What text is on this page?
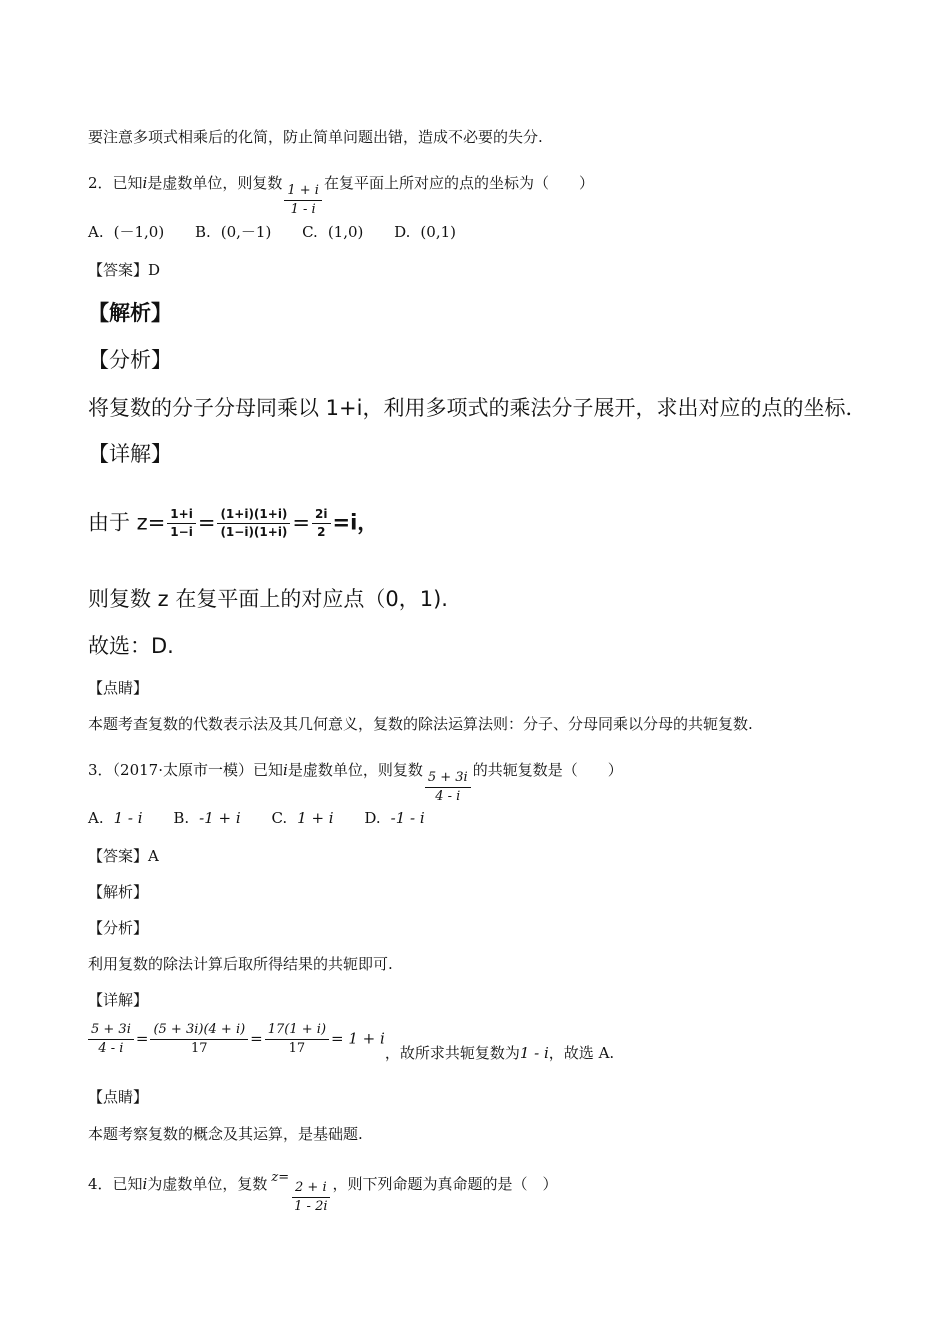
要注意多项式相乘后的化简，防止简单问题出错，造成不必要的失分.
2．已知i是虚数单位，则复数 $\frac{1 + i}{1 - i}$ 在复平面上所对应的点的坐标为（　　）
A. (－1,0) B. (0,－1) C. (1,0) D. (0,1)
【答案】D
【解析】
【分析】
将复数的分子分母同乘以 1+i，利用多项式的乘法分子展开，求出对应的点的坐标．
【详解】
由于 $z= \frac{1+i}{1-i} = \frac{(1+i)(1+i)}{(1-i)(1+i)} = \frac{2i}{2} =i$，
则复数 z 在复平面上的对应点（0，1).
故选：D.
【点睛】
本题考查复数的代数表示法及其几何意义，复数的除法运算法则：分子、分母同乘以分母的共轭复数.
3．（2017·太原市一模）已知i是虚数单位，则复数 $\frac{5 + 3i}{4 - i}$ 的共轭复数是（　　）
A. 1 - i B. -1 + i C. 1 + i D. -1 - i
【答案】A
【解析】
【分析】
利用复数的除法计算后取所得结果的共轭即可.
【详解】
$\frac{5 + 3i}{4 - i} = \frac{(5 + 3i)(4 + i)}{17} = \frac{17(1 + i)}{17} = 1 + i$，故所求共轭复数为1 - i，故选 A.
【点睛】
本题考察复数的概念及其运算，是基础题.
4．已知i为虚数单位，复数 z=
$\frac{2 + i}{1 - 2i}$ ，则下列命题为真命题的是（　）
